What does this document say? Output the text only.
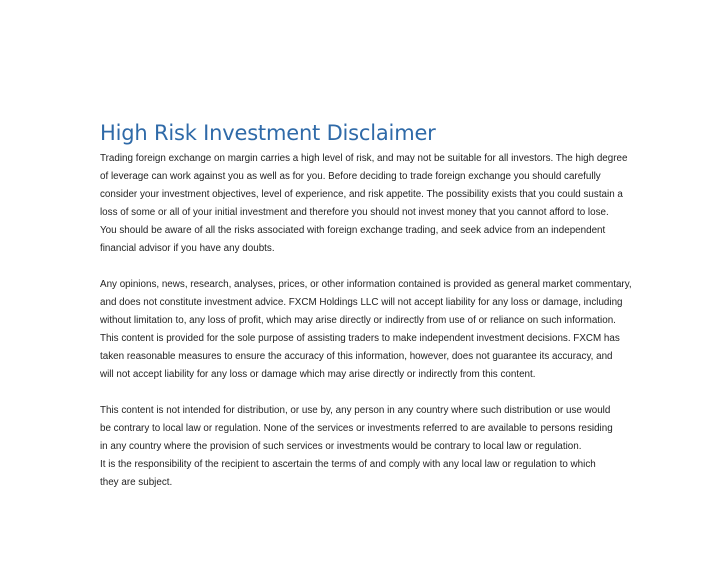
High Risk Investment Disclaimer

Trading foreign exchange on margin carries a high level of risk, and may not be suitable for all investors. The high degree
of leverage can work against you as well as for you. Before deciding to trade foreign exchange you should carefully
consider your investment objectives, level of experience, and risk appetite. The possibility exists that you could sustain a
loss of some or all of your initial investment and therefore you should not invest money that you cannot afford to lose.
You should be aware of all the risks associated with foreign exchange trading, and seek advice from an independent
financial advisor if you have any doubts.

Any opinions, news, research, analyses, prices, or other information contained is provided as general market commentary,
and does not constitute investment advice. FXCM Holdings LLC will not accept liability for any loss or damage, including
without limitation to, any loss of profit, which may arise directly or indirectly from use of or reliance on such information.
This content is provided for the sole purpose of assisting traders to make independent investment decisions. FXCM has
taken reasonable measures to ensure the accuracy of this information, however, does not guarantee its accuracy, and
will not accept liability for any loss or damage which may arise directly or indirectly from this content.

This content is not intended for distribution, or use by, any person in any country where such distribution or use would
be contrary to local law or regulation. None of the services or investments referred to are available to persons residing
in any country where the provision of such services or investments would be contrary to local law or regulation.
It is the responsibility of the recipient to ascertain the terms of and comply with any local law or regulation to which
they are subject.
